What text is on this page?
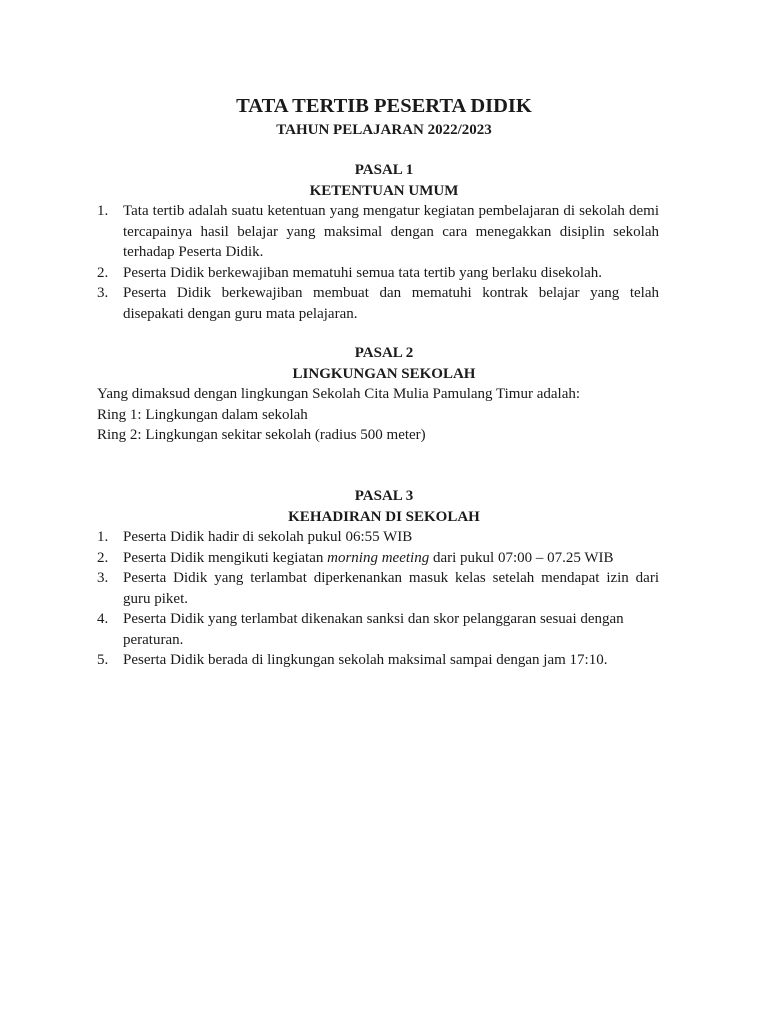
TATA TERTIB PESERTA DIDIK
TAHUN PELAJARAN 2022/2023
PASAL 1
KETENTUAN UMUM
1. Tata tertib adalah suatu ketentuan yang mengatur kegiatan pembelajaran di sekolah demi tercapainya hasil belajar yang maksimal dengan cara menegakkan disiplin sekolah terhadap Peserta Didik.
2. Peserta Didik berkewajiban mematuhi semua tata tertib yang berlaku disekolah.
3. Peserta Didik berkewajiban membuat dan mematuhi kontrak belajar yang telah disepakati dengan guru mata pelajaran.
PASAL 2
LINGKUNGAN SEKOLAH
Yang dimaksud dengan lingkungan Sekolah Cita Mulia Pamulang Timur adalah:
Ring 1: Lingkungan dalam sekolah
Ring 2: Lingkungan sekitar sekolah (radius 500 meter)
PASAL 3
KEHADIRAN DI SEKOLAH
1. Peserta Didik hadir di sekolah pukul 06:55 WIB
2. Peserta Didik mengikuti kegiatan morning meeting dari pukul 07:00 – 07.25 WIB
3. Peserta Didik yang terlambat diperkenankan masuk kelas setelah mendapat izin dari guru piket.
4. Peserta Didik yang terlambat dikenakan sanksi dan skor pelanggaran sesuai dengan peraturan.
5. Peserta Didik berada di lingkungan sekolah maksimal sampai dengan jam 17:10.
